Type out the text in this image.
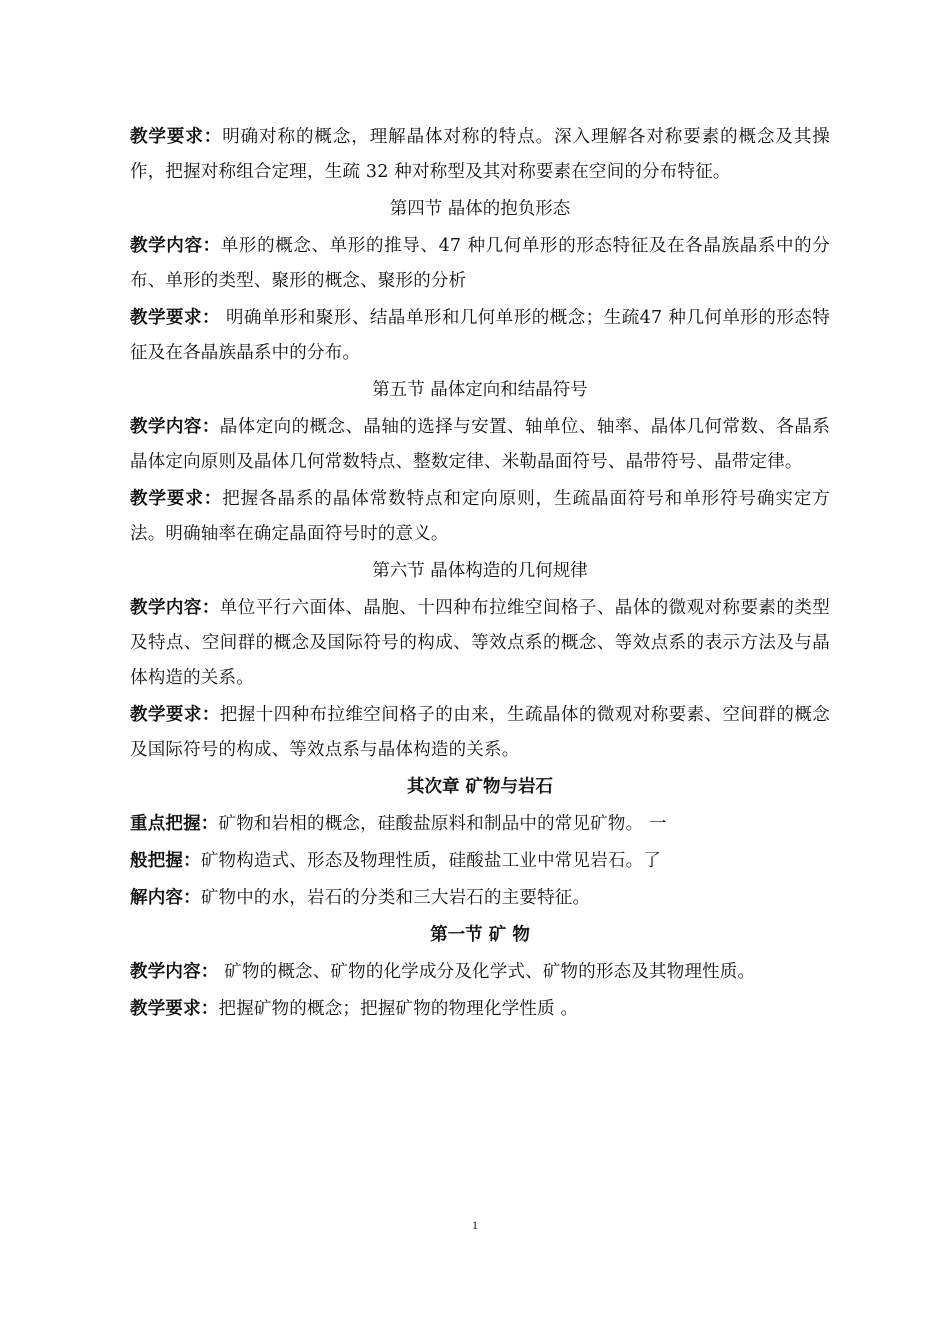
教学要求：明确对称的概念，理解晶体对称的特点。深入理解各对称要素的概念及其操作，把握对称组合定理，生疏 32 种对称型及其对称要素在空间的分布特征。

第四节 晶体的抱负形态

教学内容：单形的概念、单形的推导、47 种几何单形的形态特征及在各晶族晶系中的分布、单形的类型、聚形的概念、聚形的分析

教学要求： 明确单形和聚形、结晶单形和几何单形的概念；生疏47 种几何单形的形态特征及在各晶族晶系中的分布。

第五节 晶体定向和结晶符号

教学内容：晶体定向的概念、晶轴的选择与安置、轴单位、轴率、晶体几何常数、各晶系晶体定向原则及晶体几何常数特点、整数定律、米勒晶面符号、晶带符号、晶带定律。

教学要求：把握各晶系的晶体常数特点和定向原则，生疏晶面符号和单形符号确实定方法。明确轴率在确定晶面符号时的意义。

第六节 晶体构造的几何规律

教学内容：单位平行六面体、晶胞、十四种布拉维空间格子、晶体的微观对称要素的类型及特点、空间群的概念及国际符号的构成、等效点系的概念、等效点系的表示方法及与晶体构造的关系。

教学要求：把握十四种布拉维空间格子的由来，生疏晶体的微观对称要素、空间群的概念及国际符号的构成、等效点系与晶体构造的关系。

其次章 矿物与岩石

重点把握：矿物和岩相的概念，硅酸盐原料和制品中的常见矿物。 一

般把握：矿物构造式、形态及物理性质，硅酸盐工业中常见岩石。了

解内容：矿物中的水，岩石的分类和三大岩石的主要特征。

第一节 矿 物

教学内容： 矿物的概念、矿物的化学成分及化学式、矿物的形态及其物理性质。

教学要求：把握矿物的概念；把握矿物的物理化学性质 。

1
